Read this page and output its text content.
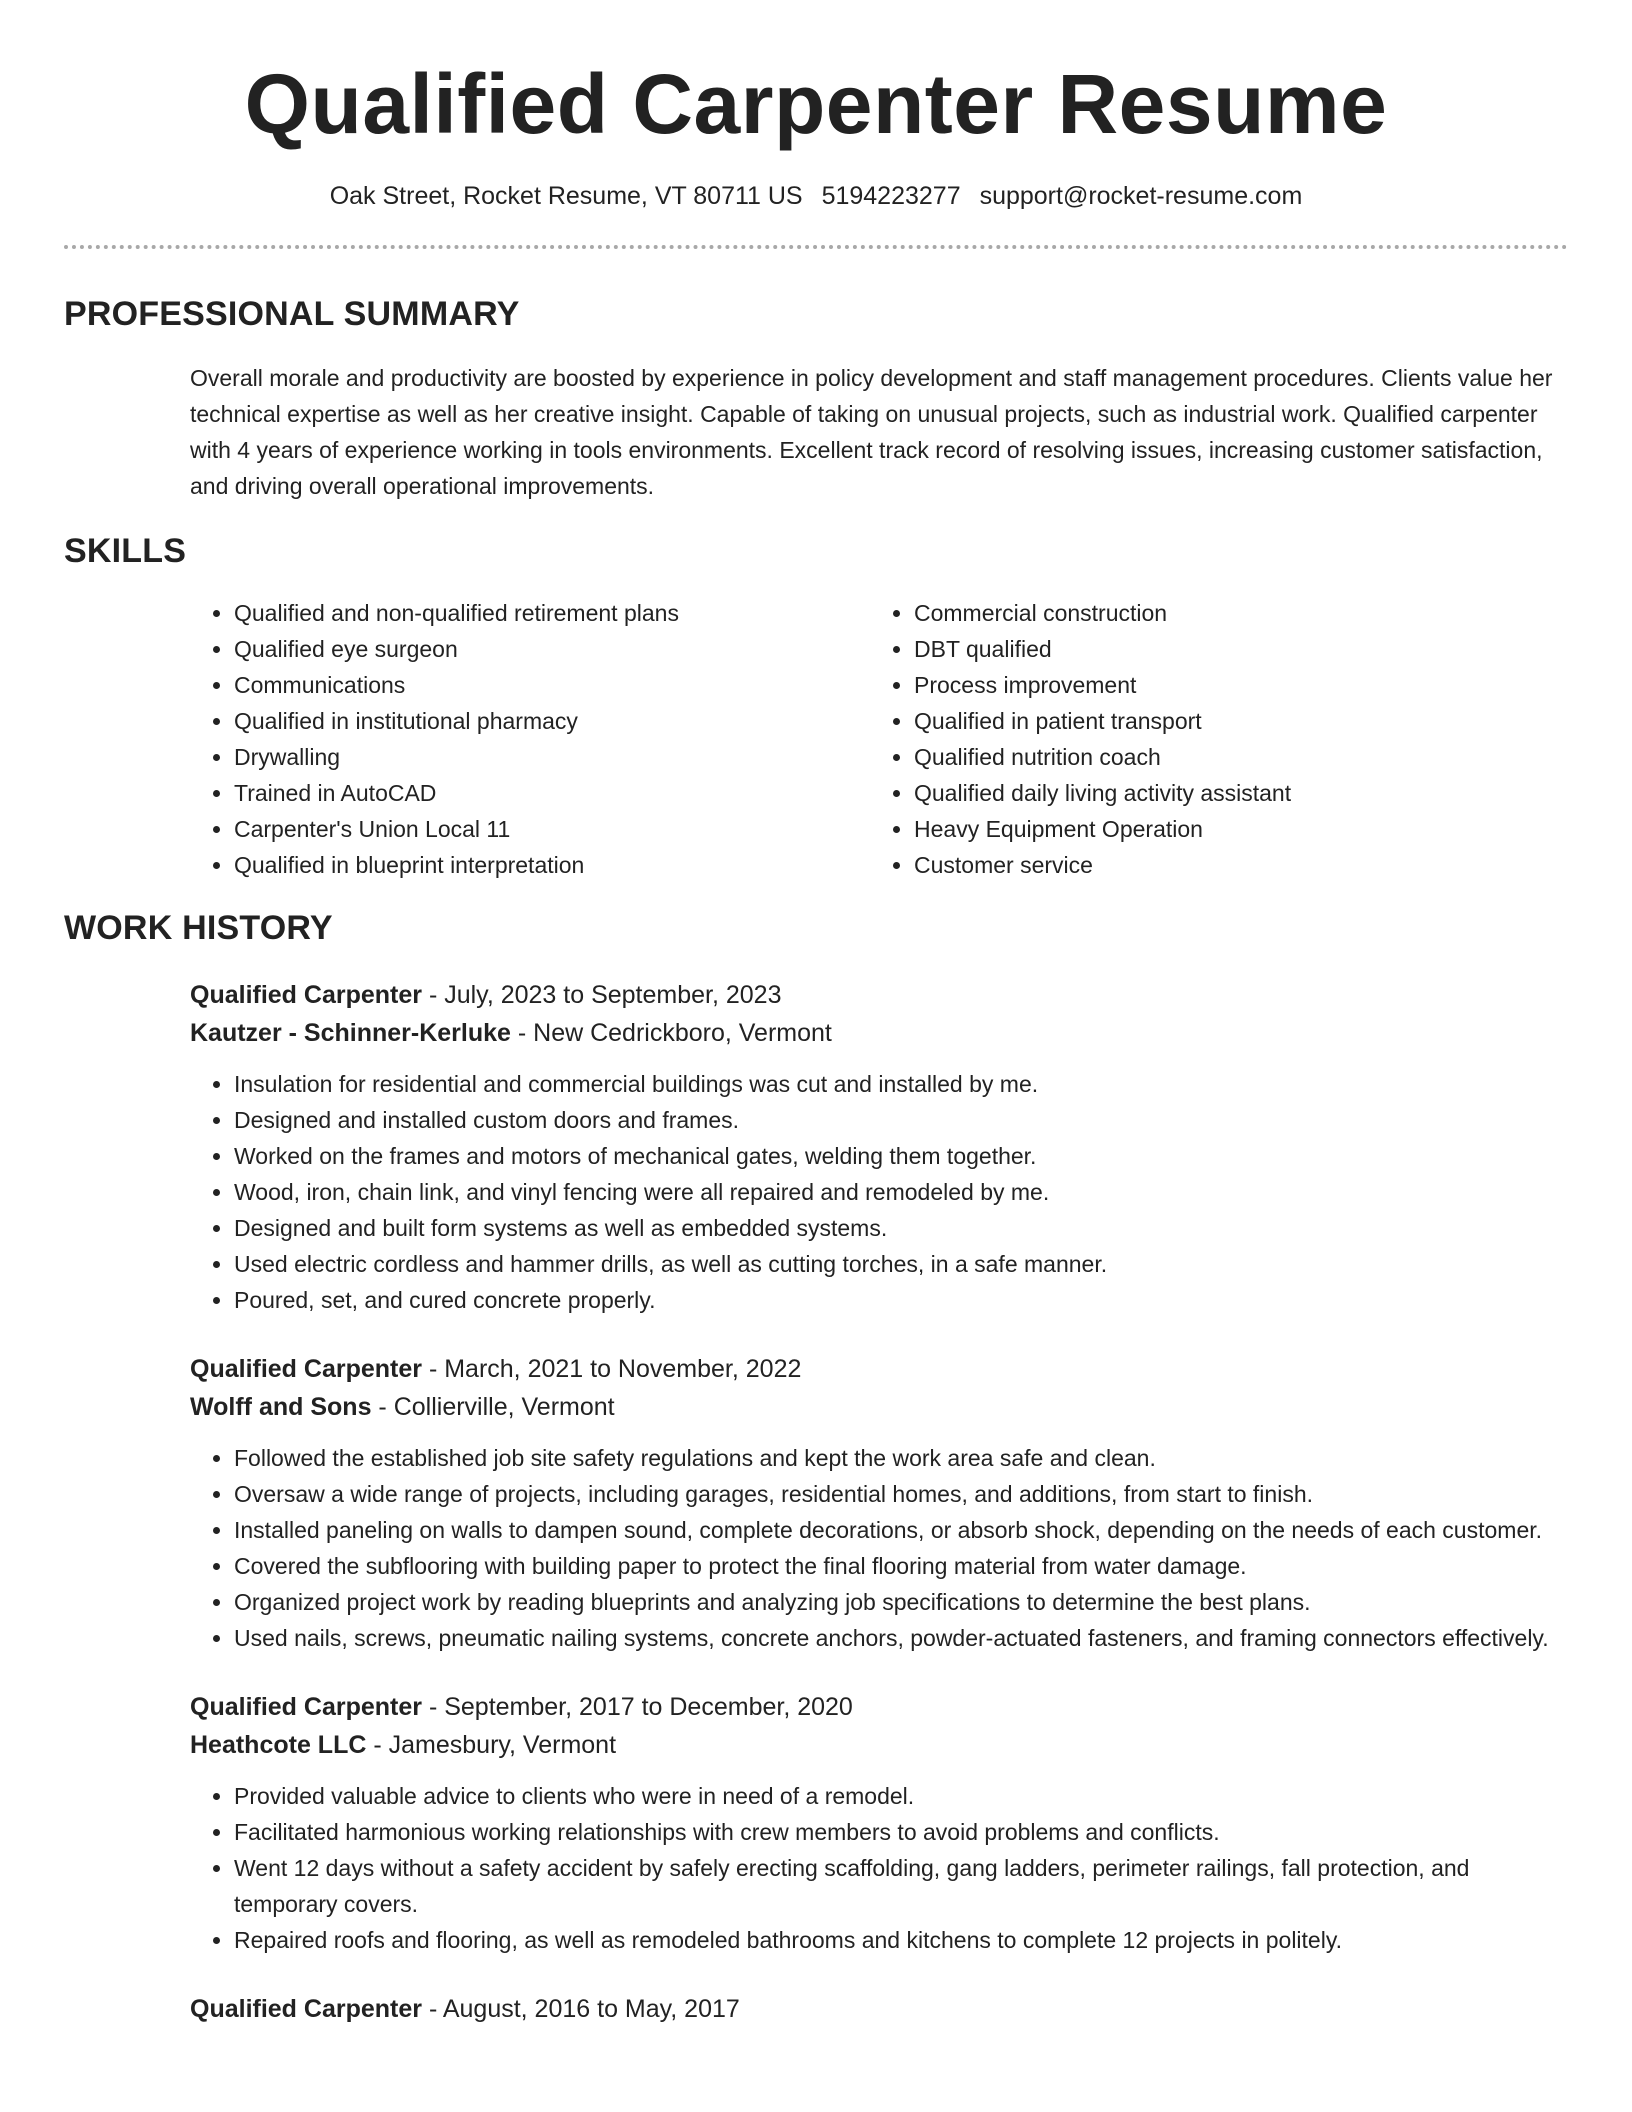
Qualified Carpenter Resume
Oak Street, Rocket Resume, VT 80711 US 5194223277 support@rocket-resume.com
PROFESSIONAL SUMMARY
Overall morale and productivity are boosted by experience in policy development and staff management procedures. Clients value her technical expertise as well as her creative insight. Capable of taking on unusual projects, such as industrial work. Qualified carpenter with 4 years of experience working in tools environments. Excellent track record of resolving issues, increasing customer satisfaction, and driving overall operational improvements.
SKILLS
• Qualified and non-qualified retirement plans
• Qualified eye surgeon
• Communications
• Qualified in institutional pharmacy
• Drywalling
• Trained in AutoCAD
• Carpenter's Union Local 11
• Qualified in blueprint interpretation
• Commercial construction
• DBT qualified
• Process improvement
• Qualified in patient transport
• Qualified nutrition coach
• Qualified daily living activity assistant
• Heavy Equipment Operation
• Customer service
WORK HISTORY
Qualified Carpenter - July, 2023 to September, 2023
Kautzer - Schinner-Kerluke - New Cedrickboro, Vermont
• Insulation for residential and commercial buildings was cut and installed by me.
• Designed and installed custom doors and frames.
• Worked on the frames and motors of mechanical gates, welding them together.
• Wood, iron, chain link, and vinyl fencing were all repaired and remodeled by me.
• Designed and built form systems as well as embedded systems.
• Used electric cordless and hammer drills, as well as cutting torches, in a safe manner.
• Poured, set, and cured concrete properly.
Qualified Carpenter - March, 2021 to November, 2022
Wolff and Sons - Collierville, Vermont
• Followed the established job site safety regulations and kept the work area safe and clean.
• Oversaw a wide range of projects, including garages, residential homes, and additions, from start to finish.
• Installed paneling on walls to dampen sound, complete decorations, or absorb shock, depending on the needs of each customer.
• Covered the subflooring with building paper to protect the final flooring material from water damage.
• Organized project work by reading blueprints and analyzing job specifications to determine the best plans.
• Used nails, screws, pneumatic nailing systems, concrete anchors, powder-actuated fasteners, and framing connectors effectively.
Qualified Carpenter - September, 2017 to December, 2020
Heathcote LLC - Jamesbury, Vermont
• Provided valuable advice to clients who were in need of a remodel.
• Facilitated harmonious working relationships with crew members to avoid problems and conflicts.
• Went 12 days without a safety accident by safely erecting scaffolding, gang ladders, perimeter railings, fall protection, and temporary covers.
• Repaired roofs and flooring, as well as remodeled bathrooms and kitchens to complete 12 projects in politely.
Qualified Carpenter - August, 2016 to May, 2017
